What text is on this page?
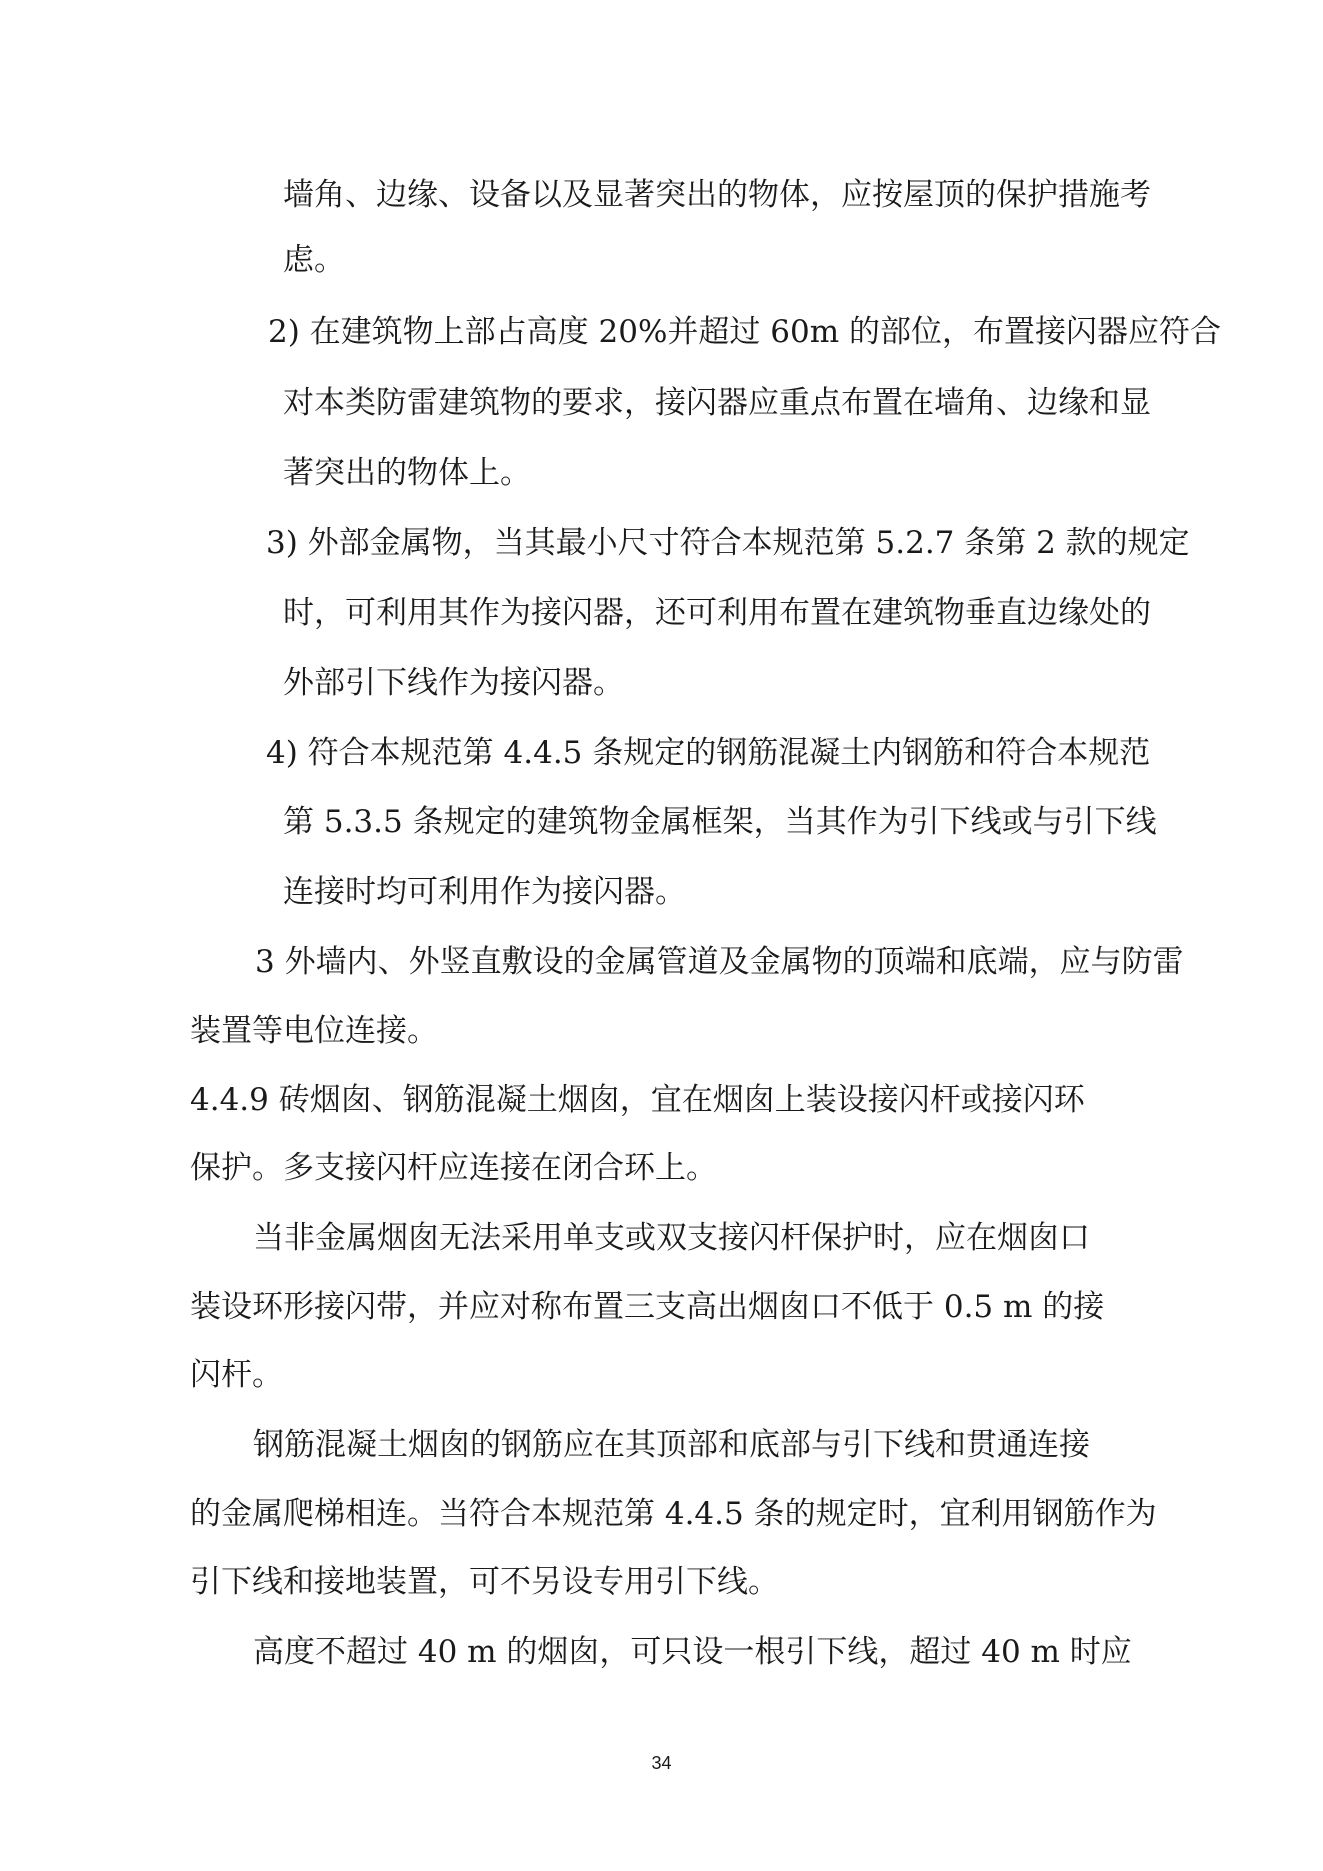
墙角、边缘、设备以及显著突出的物体，应按屋顶的保护措施考
虑。
2) 在建筑物上部占高度 20%并超过 60m 的部位，布置接闪器应符合
对本类防雷建筑物的要求，接闪器应重点布置在墙角、边缘和显
著突出的物体上。
3) 外部金属物，当其最小尺寸符合本规范第 5.2.7 条第 2 款的规定
时，可利用其作为接闪器，还可利用布置在建筑物垂直边缘处的
外部引下线作为接闪器。
4) 符合本规范第 4.4.5 条规定的钢筋混凝土内钢筋和符合本规范
第 5.3.5 条规定的建筑物金属框架，当其作为引下线或与引下线
连接时均可利用作为接闪器。
3 外墙内、外竖直敷设的金属管道及金属物的顶端和底端，应与防雷
装置等电位连接。
4.4.9 砖烟囱、钢筋混凝土烟囱，宜在烟囱上装设接闪杆或接闪环
保护。多支接闪杆应连接在闭合环上。
当非金属烟囱无法采用单支或双支接闪杆保护时，应在烟囱口
装设环形接闪带，并应对称布置三支高出烟囱口不低于 0.5 m 的接
闪杆。
钢筋混凝土烟囱的钢筋应在其顶部和底部与引下线和贯通连接
的金属爬梯相连。当符合本规范第 4.4.5 条的规定时，宜利用钢筋作为
引下线和接地装置，可不另设专用引下线。
高度不超过 40 m 的烟囱，可只设一根引下线，超过 40 m 时应
34
